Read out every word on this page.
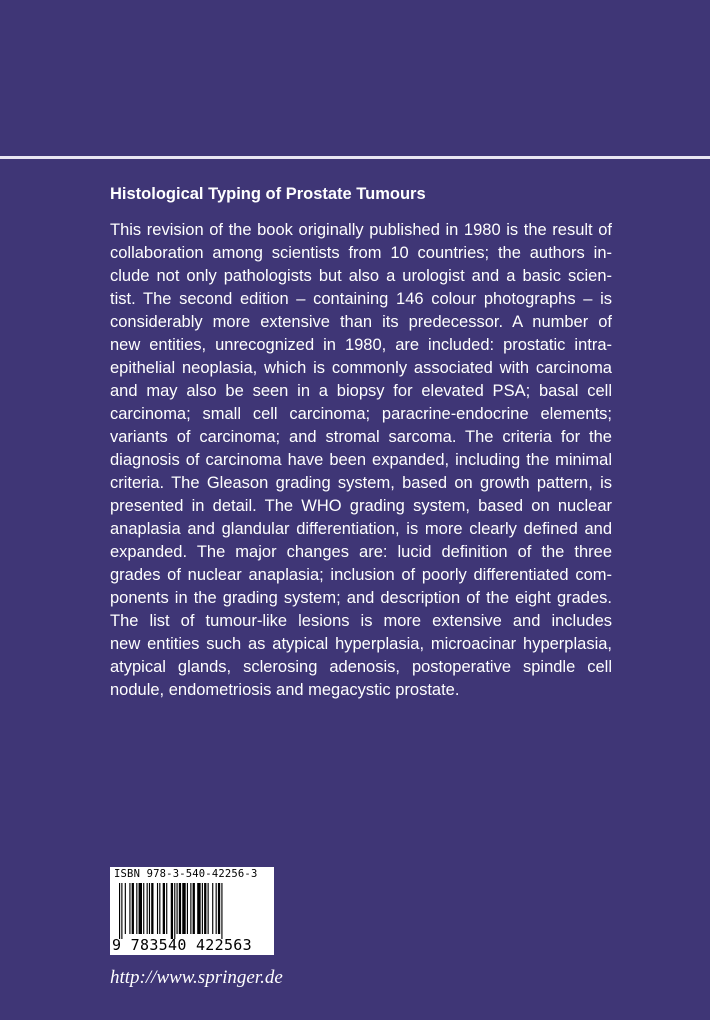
Histological Typing of Prostate Tumours
This revision of the book originally published in 1980 is the result of
collaboration among scientists from 10 countries; the authors in-
clude not only pathologists but also a urologist and a basic scien-
tist. The second edition – containing 146 colour photographs – is
considerably more extensive than its predecessor. A number of
new entities, unrecognized in 1980, are included: prostatic intra-
epithelial neoplasia, which is commonly associated with carcinoma
and may also be seen in a biopsy for elevated PSA; basal cell
carcinoma; small cell carcinoma; paracrine-endocrine elements;
variants of carcinoma; and stromal sarcoma. The criteria for the
diagnosis of carcinoma have been expanded, including the minimal
criteria. The Gleason grading system, based on growth pattern, is
presented in detail. The WHO grading system, based on nuclear
anaplasia and glandular differentiation, is more clearly defined and
expanded. The major changes are: lucid definition of the three
grades of nuclear anaplasia; inclusion of poorly differentiated com-
ponents in the grading system; and description of the eight grades.
The list of tumour-like lesions is more extensive and includes
new entities such as atypical hyperplasia, microacinar hyperplasia,
atypical glands, sclerosing adenosis, postoperative spindle cell
nodule, endometriosis and megacystic prostate.
ISBN 978-3-540-42256-3
9 783540 422563
http://www.springer.de
